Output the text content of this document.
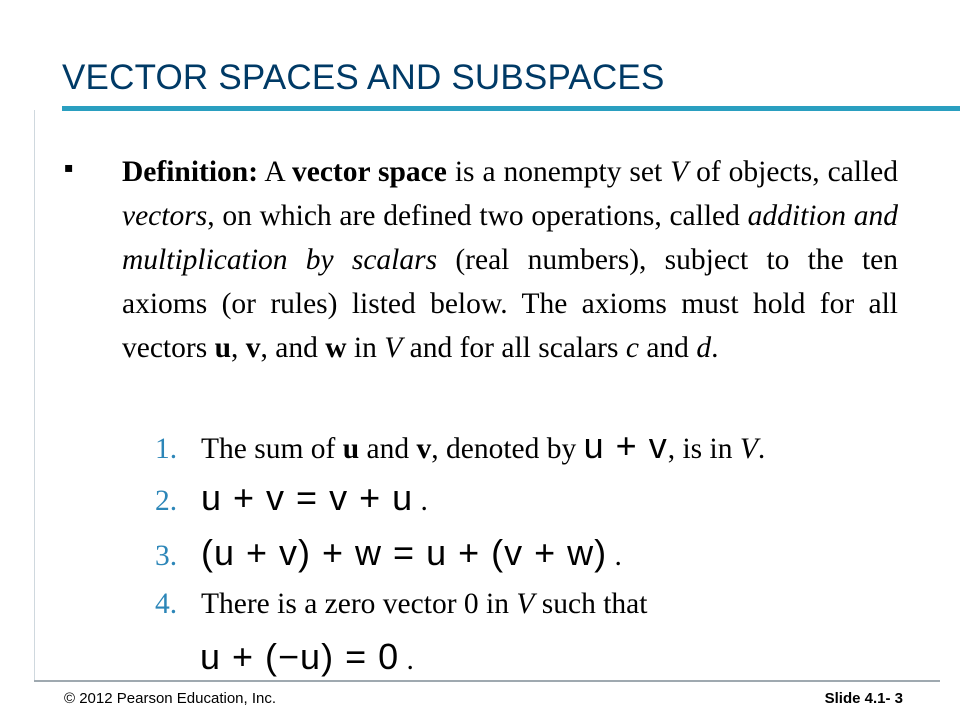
VECTOR SPACES AND SUBSPACES
▪ Definition: A vector space is a nonempty set V of objects, called vectors, on which are defined two operations, called addition and multiplication by scalars (real numbers), subject to the ten axioms (or rules) listed below. The axioms must hold for all vectors u, v, and w in V and for all scalars c and d.
1. The sum of u and v, denoted by u + v, is in V.
2. u + v = v + u .
3. (u + v) + w = u + (v + w) .
4. There is a zero vector 0 in V such that
u + (−u) = 0 .
© 2012 Pearson Education, Inc.	Slide 4.1- 3
